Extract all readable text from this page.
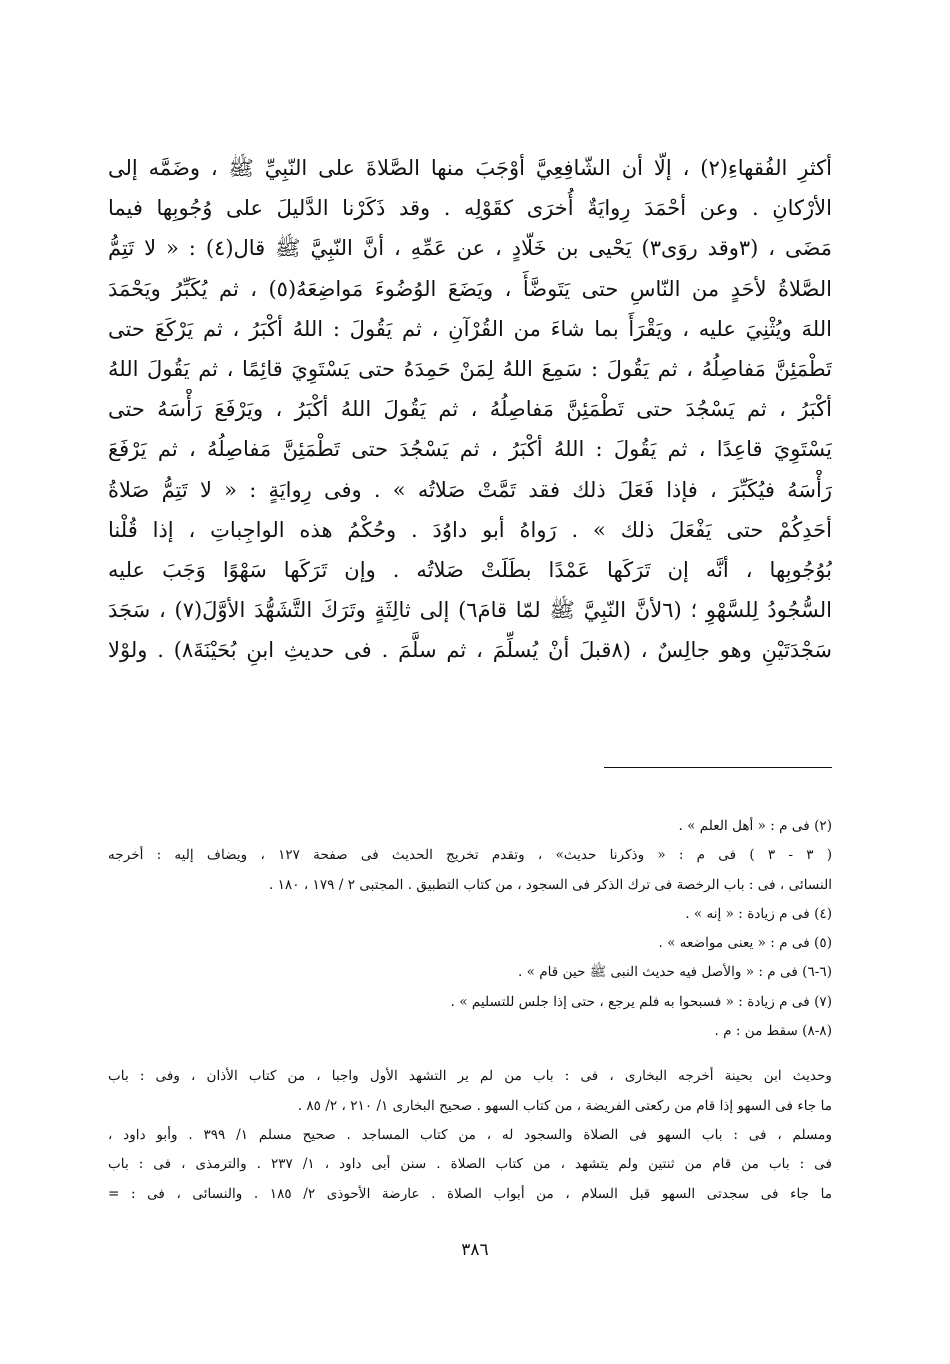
أكثرِ الفُقهاءِ(٢) ، إلّا أن الشّافِعِيَّ أوْجَبَ منها الصَّلاةَ على النّبِيِّ ﷺ ، وضَمَّه إلى
الأرْكانِ . وعن أحْمَدَ رِوايَةٌ أُخرَى كقَوْلِه . وقد ذَكَرْنا الدَّليلَ على وُجُوبِها فيما
مَضَى ، (٣وقد روَى٣) يَحْيى بن خَلّادٍ ، عن عَمِّهِ ، أنَّ النّبِيَّ ﷺ قال(٤) : « لا تَتِمُّ
الصَّلاةُ لأحَدٍ من النّاسِ حتى يَتَوضَّأَ ، ويَضَعَ الوُضُوءَ مَواضِعَهُ(٥) ، ثم يُكَبِّرُ ويَحْمَدَ
اللهَ ويُثْنِيَ عليه ، ويَقْرَأَ بما شاءَ من القُرْآنِ ، ثم يَقُولَ : اللهُ أكْبَرُ ، ثم يَرْكَعَ حتى
تَطْمَئِنَّ مَفاصِلُهُ ، ثم يَقُولَ : سَمِعَ اللهُ لِمَنْ حَمِدَهُ حتى يَسْتَوِيَ قائِمًا ، ثم يَقُولَ اللهُ
أكْبَرُ ، ثم يَسْجُدَ حتى تَطْمَئِنَّ مَفاصِلُهُ ، ثم يَقُولَ اللهُ أكْبَرُ ، ويَرْفَعَ رَأْسَهُ حتى
يَسْتَوِيَ قاعِدًا ، ثم يَقُولَ : اللهُ أكْبَرُ ، ثم يَسْجُدَ حتى تَطْمَئِنَّ مَفاصِلُهُ ، ثم يَرْفَعَ
رَأْسَهُ فيُكَبِّرَ ، فإذا فَعَلَ ذلك فقد تَمَّتْ صَلاتُه » . وفى رِوايَةٍ : « لا تَتِمُّ صَلاةُ
أحَدِكُمْ حتى يَفْعَلَ ذلك » . رَواهُ أبو داوُدَ . وحُكْمُ هذه الواجِباتِ ، إذا قُلْنا
بُوُجُوبِها ، أنَّه إن تَرَكَها عَمْدًا بطَلَتْ صَلاتُه . وإن تَرَكَها سَهْوًا وَجَبَ عليه
السُّجُودُ لِلسَّهْوِ ؛ (٦لأنَّ النّبِيَّ ﷺ لمّا قامَ٦) إلى ثالِثَةٍ وتَرَكَ التَّشَهُّدَ الأوَّلَ(٧) ، سَجَدَ
سَجْدَتَيْنِ وهو جالِسٌ ، (٨قبلَ أنْ يُسلِّمَ ، ثم سلَّمَ . فى حديثِ ابنِ بُحَيْنَةَ٨) . ولوْلا
(٢) فى م : « أهل العلم » .
( ٣ - ٣ ) فى م : « وذكرنا حديث» ، وتقدم تخريج الحديث فى صفحة ١٢٧ ، ويضاف إليه : أخرجه
النسائى ، فى : باب الرخصة فى ترك الذكر فى السجود ، من كتاب التطبيق . المجتبى ٢ / ١٧٩ ، ١٨٠ .
(٤) فى م زيادة : « إنه » .
(٥) فى م : « يعنى مواضعه » .
(٦-٦) فى م : « والأصل فيه حديث النبى ﷺ حين قام » .
(٧) فى م زيادة : « فسبحوا به فلم يرجع ، حتى إذا جلس للتسليم » .
(٨-٨) سقط من : م .
وحديث ابن بحينة أخرجه البخارى ، فى : باب من لم ير التشهد الأول واجبا ، من كتاب الأذان ، وفى : باب
ما جاء فى السهو إذا قام من ركعتى الفريضة ، من كتاب السهو . صحيح البخارى ١/ ٢١٠ ، ٢/ ٨٥ .
ومسلم ، فى : باب السهو فى الصلاة والسجود له ، من كتاب المساجد . صحيح مسلم ١/ ٣٩٩ . وأبو داود ،
فى : باب من قام من ثنتين ولم يتشهد ، من كتاب الصلاة . سنن أبى داود ، ١/ ٢٣٧ . والترمذى ، فى : باب
ما جاء فى سجدتى السهو قبل السلام ، من أبواب الصلاة . عارضة الأحوذى ٢/ ١٨٥ . والنسائى ، فى : =
٣٨٦
